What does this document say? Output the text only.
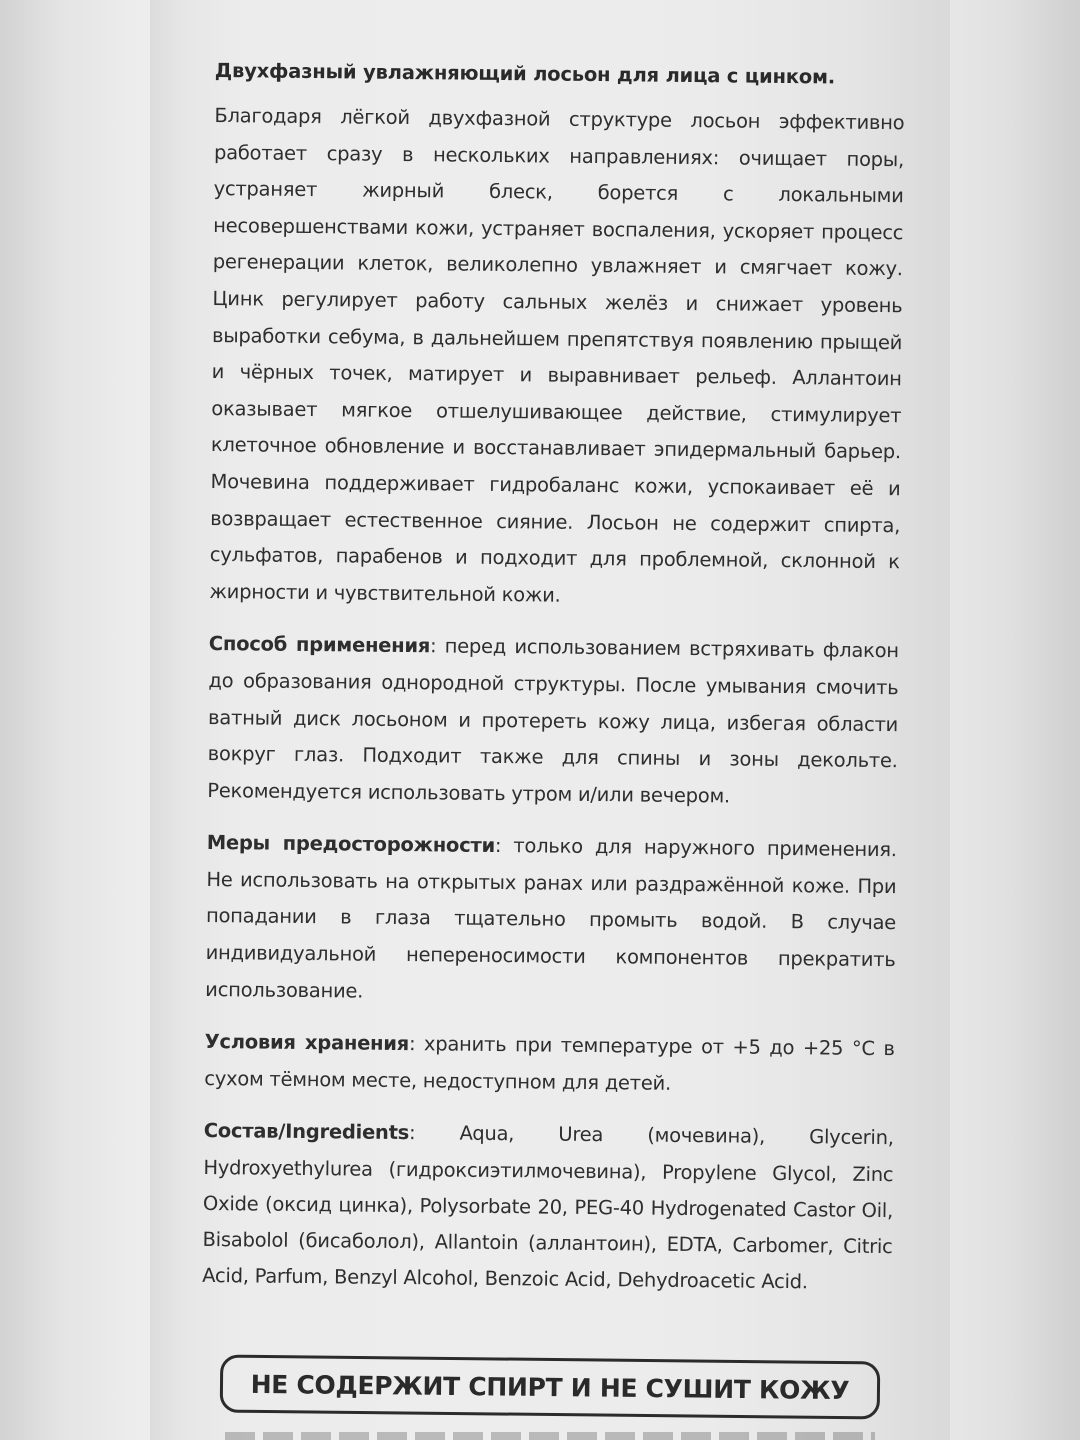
Двухфазный увлажняющий лосьон для лица с цинком.

Благодаря лёгкой двухфазной структуре лосьон эффективно работает сразу в нескольких направлениях: очищает поры, устраняет жирный блеск, борется с локальными несовершенствами кожи, устраняет воспаления, ускоряет процесс регенерации клеток, великолепно увлажняет и смягчает кожу. Цинк регулирует работу сальных желёз и снижает уровень выработки себума, в дальнейшем препятствуя появлению прыщей и чёрных точек, матирует и выравнивает рельеф. Аллантоин оказывает мягкое отшелушивающее действие, стимулирует клеточное обновление и восстанавливает эпидермальный барьер. Мочевина поддерживает гидробаланс кожи, успокаивает её и возвращает естественное сияние. Лосьон не содержит спирта, сульфатов, парабенов и подходит для проблемной, склонной к жирности и чувствительной кожи.

Способ применения: перед использованием встряхивать флакон до образования однородной структуры. После умывания смочить ватный диск лосьоном и протереть кожу лица, избегая области вокруг глаз. Подходит также для спины и зоны декольте. Рекомендуется использовать утром и/или вечером.

Меры предосторожности: только для наружного применения. Не использовать на открытых ранах или раздражённой коже. При попадании в глаза тщательно промыть водой. В случае индивидуальной непереносимости компонентов прекратить использование.

Условия хранения: хранить при температуре от +5 до +25 °С в сухом тёмном месте, недоступном для детей.

Состав/Ingredients: Aqua, Urea (мочевина), Glycerin, Hydroxyethylurea (гидроксиэтилмочевина), Propylene Glycol, Zinc Oxide (оксид цинка), Polysorbate 20, PEG-40 Hydrogenated Castor Oil, Bisabolol (бисаболол), Allantoin (аллантоин), EDTA, Carbomer, Citric Acid, Parfum, Benzyl Alcohol, Benzoic Acid, Dehydroacetic Acid.

НЕ СОДЕРЖИТ СПИРТ И НЕ СУШИТ КОЖУ
